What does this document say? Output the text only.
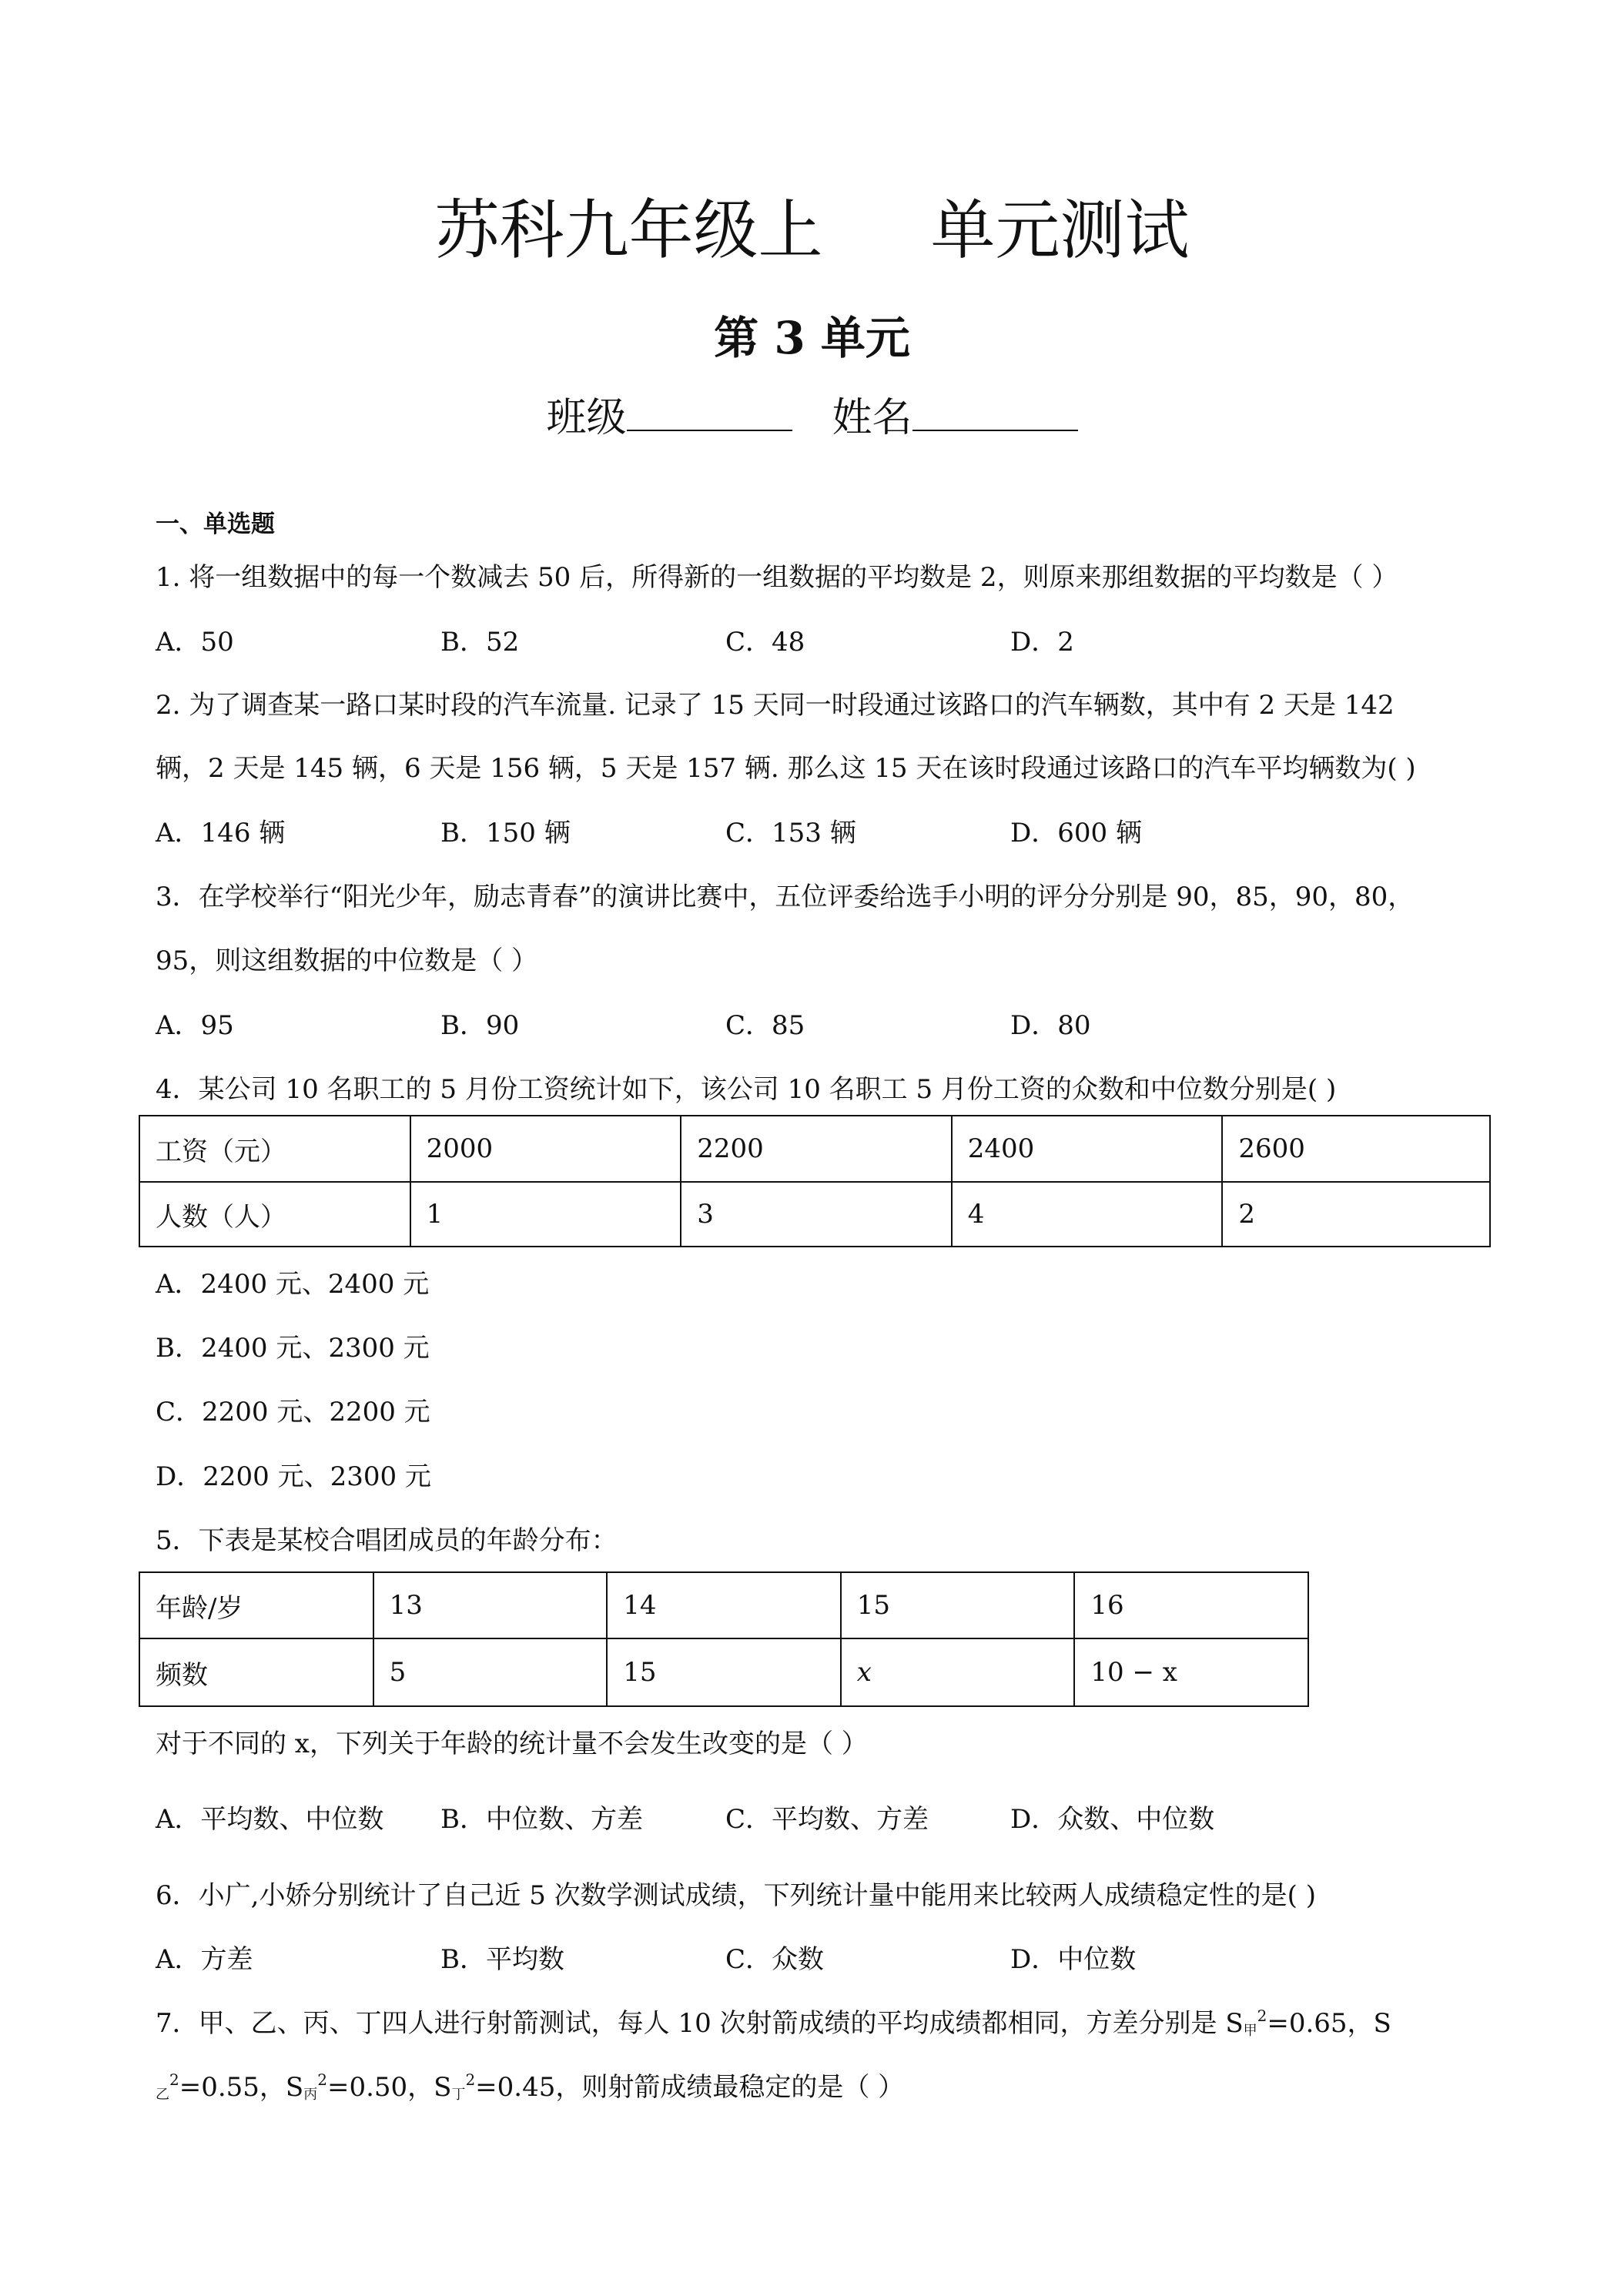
苏科九年级上 单元测试
第 3 单元
班级	姓名
一、单选题
1. 将一组数据中的每一个数减去 50 后，所得新的一组数据的平均数是 2，则原来那组数据的平均数是（ ）
A．50	B．52	C．48	D．2
2. 为了调查某一路口某时段的汽车流量. 记录了 15 天同一时段通过该路口的汽车辆数，其中有 2 天是 142
辆，2 天是 145 辆，6 天是 156 辆，5 天是 157 辆. 那么这 15 天在该时段通过该路口的汽车平均辆数为( )
A．146 辆	B．150 辆	C．153 辆	D．600 辆
3．在学校举行“阳光少年，励志青春”的演讲比赛中，五位评委给选手小明的评分分别是 90，85，90，80，
95，则这组数据的中位数是（ ）
A．95	B．90	C．85	D．80
4．某公司 10 名职工的 5 月份工资统计如下，该公司 10 名职工 5 月份工资的众数和中位数分别是( )
工资（元）	2000	2200	2400	2600
人数（人）	1	3	4	2
A．2400 元、2400 元
B．2400 元、2300 元
C．2200 元、2200 元
D．2200 元、2300 元
5．下表是某校合唱团成员的年龄分布：
年龄/岁	13	14	15	16
频数	5	15	x	10 − x
对于不同的 x，下列关于年龄的统计量不会发生改变的是（ ）
A．平均数、中位数 B．中位数、方差	C．平均数、方差	D．众数、中位数
6．小广,小娇分别统计了自己近 5 次数学测试成绩，下列统计量中能用来比较两人成绩稳定性的是( )
A．方差	B．平均数	C．众数	D．中位数
7．甲、乙、丙、丁四人进行射箭测试，每人 10 次射箭成绩的平均成绩都相同，方差分别是 $S_甲^2=0.65$，S
$_乙^2$=0.55，$S_丙^2=0.50$，$S_丁^2=0.45$，则射箭成绩最稳定的是（ ）
